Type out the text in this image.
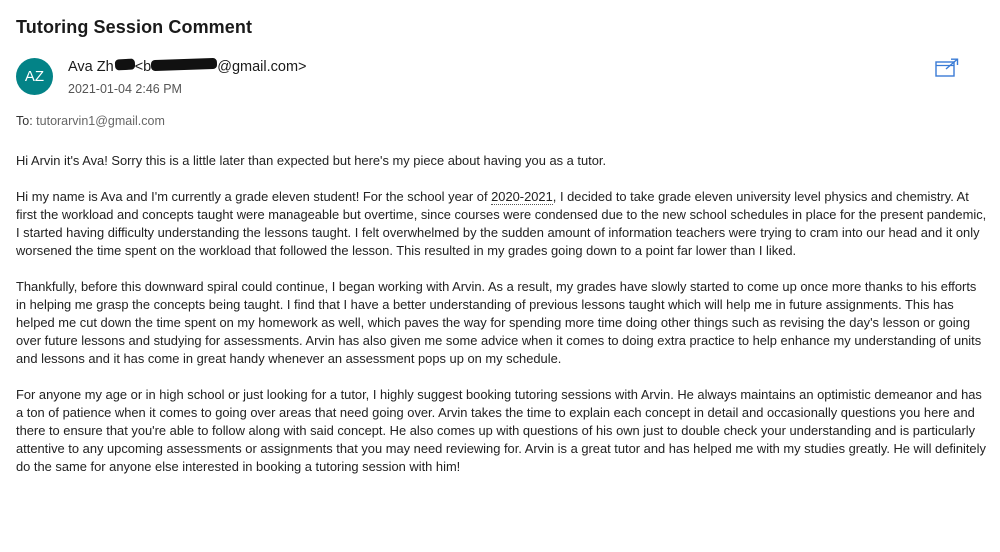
Tutoring Session Comment
AZ
Ava Zh <b	@gmail.com>
2021-01-04 2:46 PM
To: tutorarvin1@gmail.com

Hi Arvin it's Ava! Sorry this is a little later than expected but here's my piece about having you as a tutor.

Hi my name is Ava and I'm currently a grade eleven student! For the school year of 2020-2021, I decided to take grade eleven university level physics and chemistry. At first the workload and concepts taught were manageable but overtime, since courses were condensed due to the new school schedules in place for the present pandemic, I started having difficulty understanding the lessons taught. I felt overwhelmed by the sudden amount of information teachers were trying to cram into our head and it only worsened the time spent on the workload that followed the lesson. This resulted in my grades going down to a point far lower than I liked.

Thankfully, before this downward spiral could continue, I began working with Arvin. As a result, my grades have slowly started to come up once more thanks to his efforts in helping me grasp the concepts being taught. I find that I have a better understanding of previous lessons taught which will help me in future assignments. This has helped me cut down the time spent on my homework as well, which paves the way for spending more time doing other things such as revising the day's lesson or going over future lessons and studying for assessments. Arvin has also given me some advice when it comes to doing extra practice to help enhance my understanding of units and lessons and it has come in great handy whenever an assessment pops up on my schedule.

For anyone my age or in high school or just looking for a tutor, I highly suggest booking tutoring sessions with Arvin. He always maintains an optimistic demeanor and has a ton of patience when it comes to going over areas that need going over. Arvin takes the time to explain each concept in detail and occasionally questions you here and there to ensure that you're able to follow along with said concept. He also comes up with questions of his own just to double check your understanding and is particularly attentive to any upcoming assessments or assignments that you may need reviewing for. Arvin is a great tutor and has helped me with my studies greatly. He will definitely do the same for anyone else interested in booking a tutoring session with him!
